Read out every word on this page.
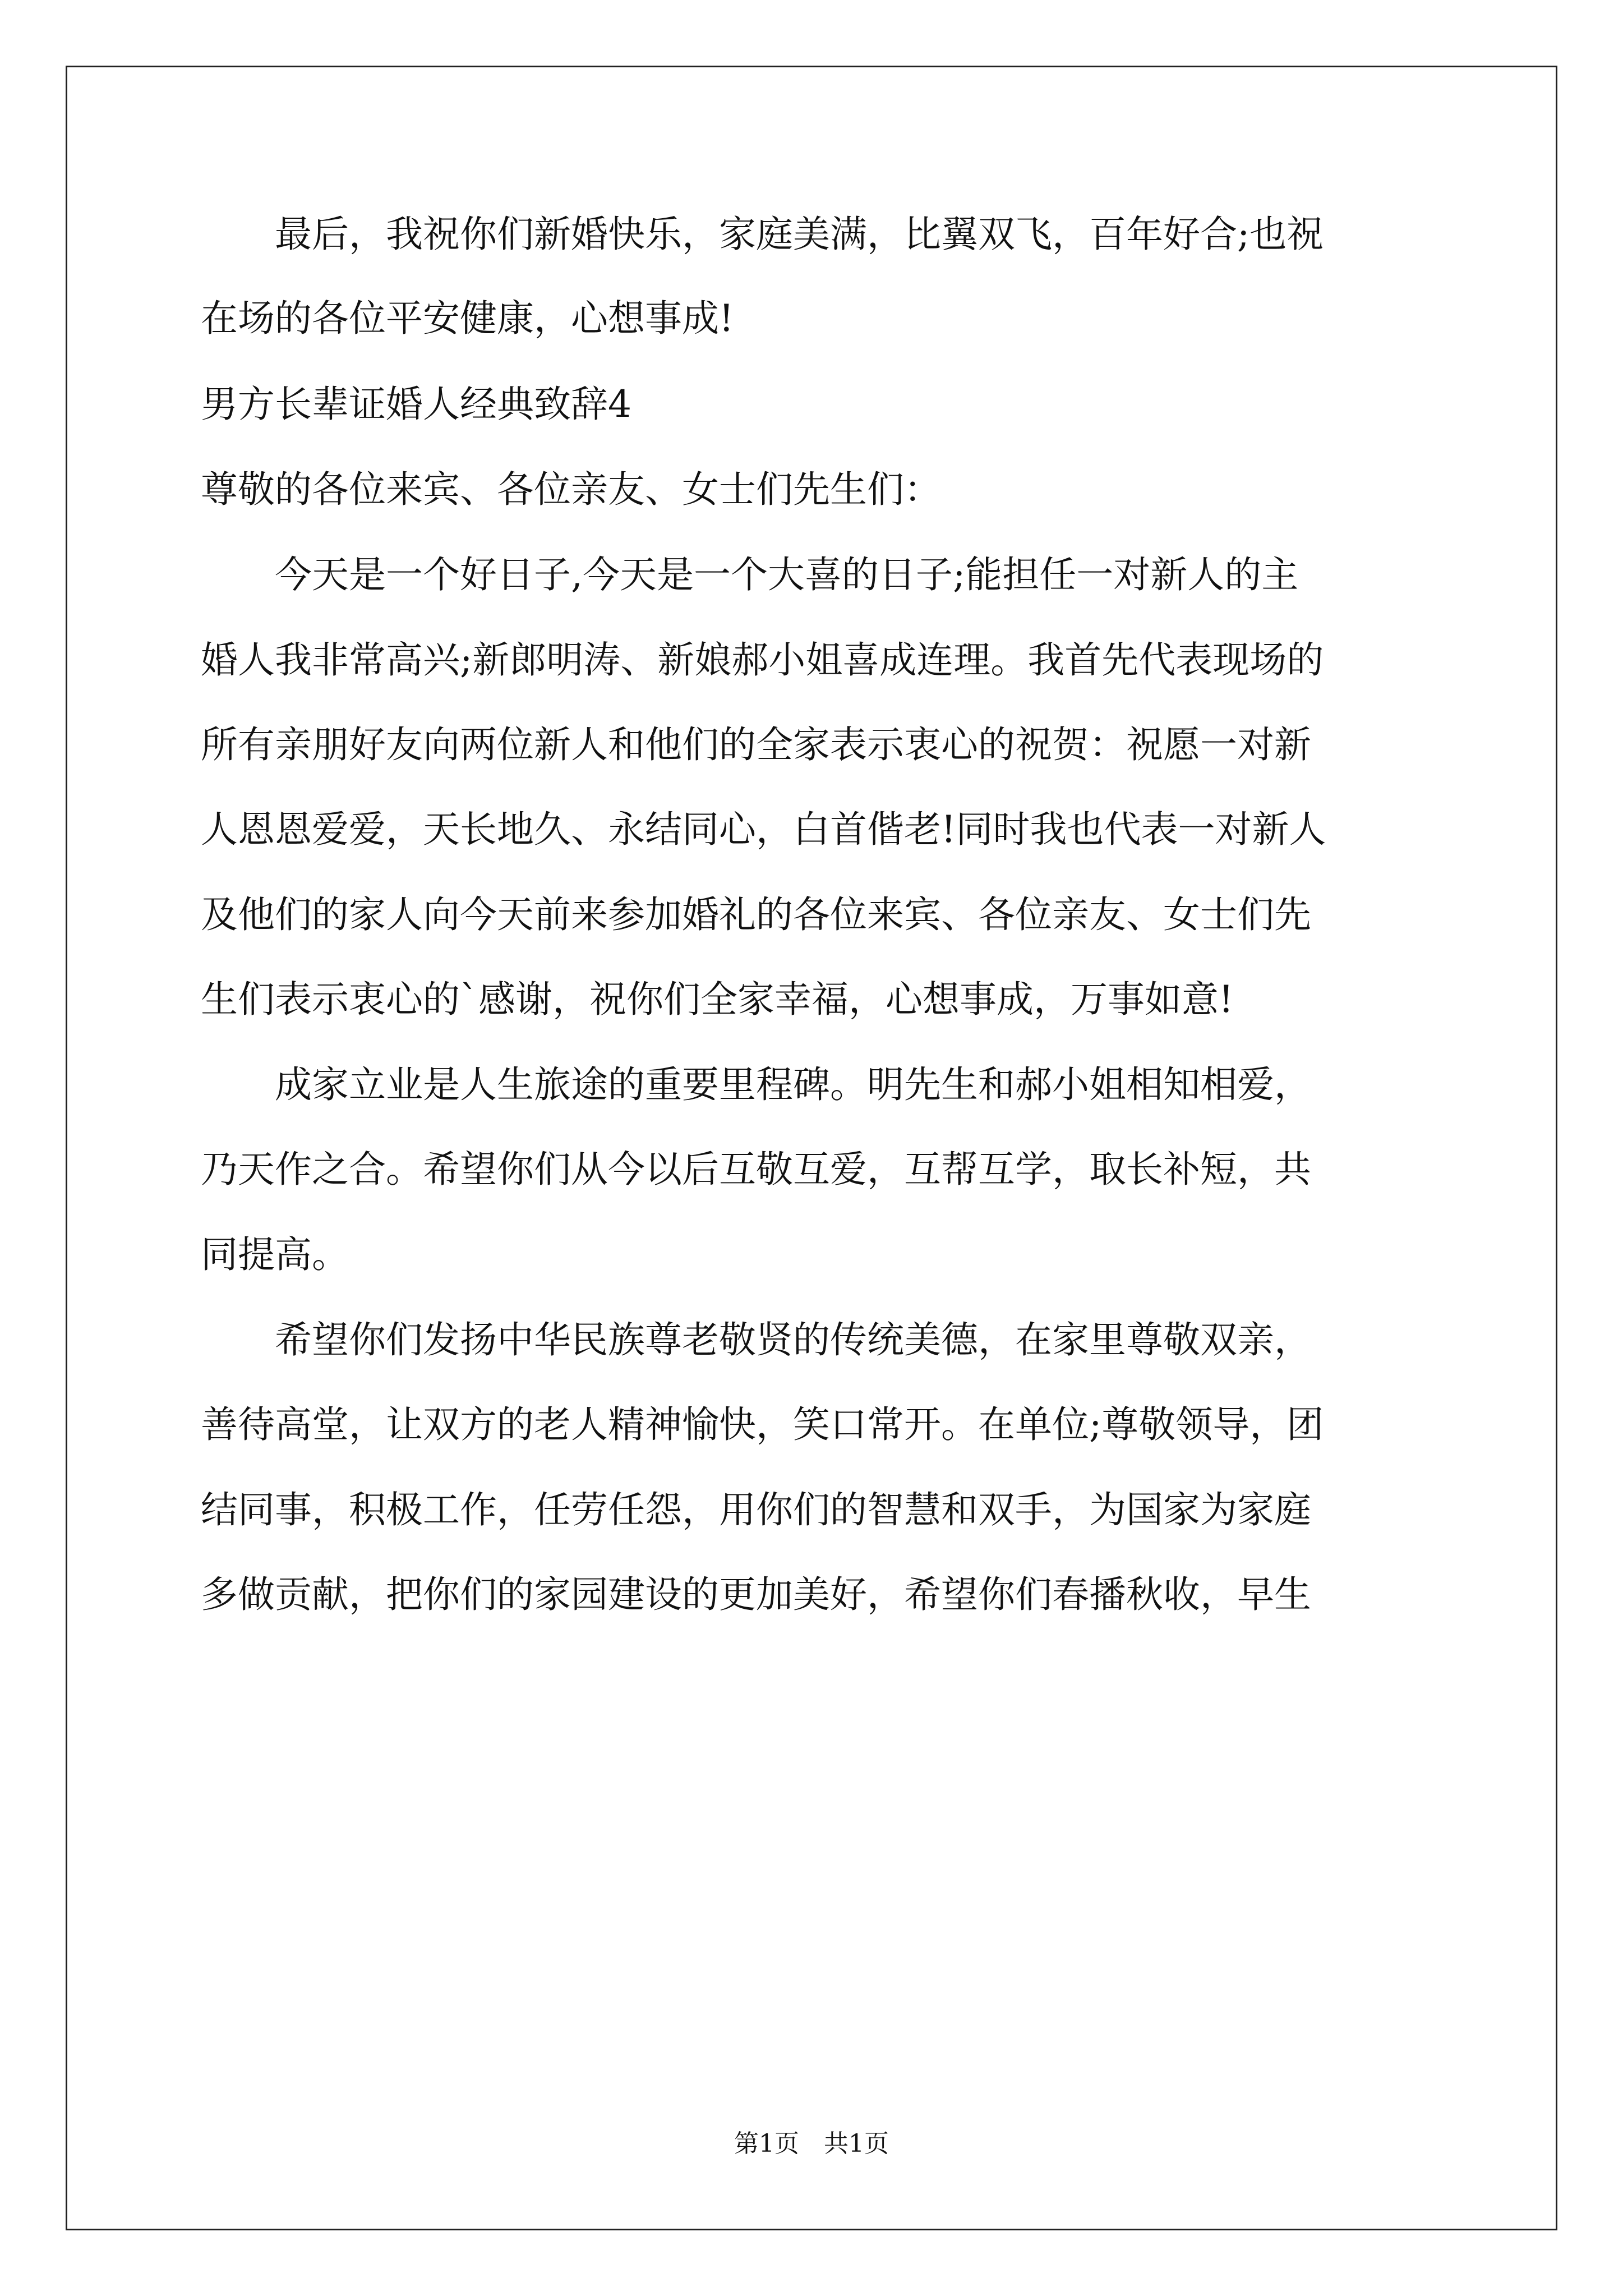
　　最后，我祝你们新婚快乐，家庭美满，比翼双飞，百年好合;也祝
在场的各位平安健康，心想事成!
男方长辈证婚人经典致辞4
尊敬的各位来宾、各位亲友、女士们先生们：
　　今天是一个好日子,今天是一个大喜的日子;能担任一对新人的主
婚人我非常高兴;新郎明涛、新娘郝小姐喜成连理。我首先代表现场的
所有亲朋好友向两位新人和他们的全家表示衷心的祝贺：祝愿一对新
人恩恩爱爱，天长地久、永结同心，白首偕老!同时我也代表一对新人
及他们的家人向今天前来参加婚礼的各位来宾、各位亲友、女士们先
生们表示衷心的`感谢，祝你们全家幸福，心想事成，万事如意!
　　成家立业是人生旅途的重要里程碑。明先生和郝小姐相知相爱，
乃天作之合。希望你们从今以后互敬互爱，互帮互学，取长补短，共
同提高。
　　希望你们发扬中华民族尊老敬贤的传统美德，在家里尊敬双亲，
善待高堂，让双方的老人精神愉快，笑口常开。在单位;尊敬领导，团
结同事，积极工作，任劳任怨，用你们的智慧和双手，为国家为家庭
多做贡献，把你们的家园建设的更加美好，希望你们春播秋收，早生
第1页　共1页
